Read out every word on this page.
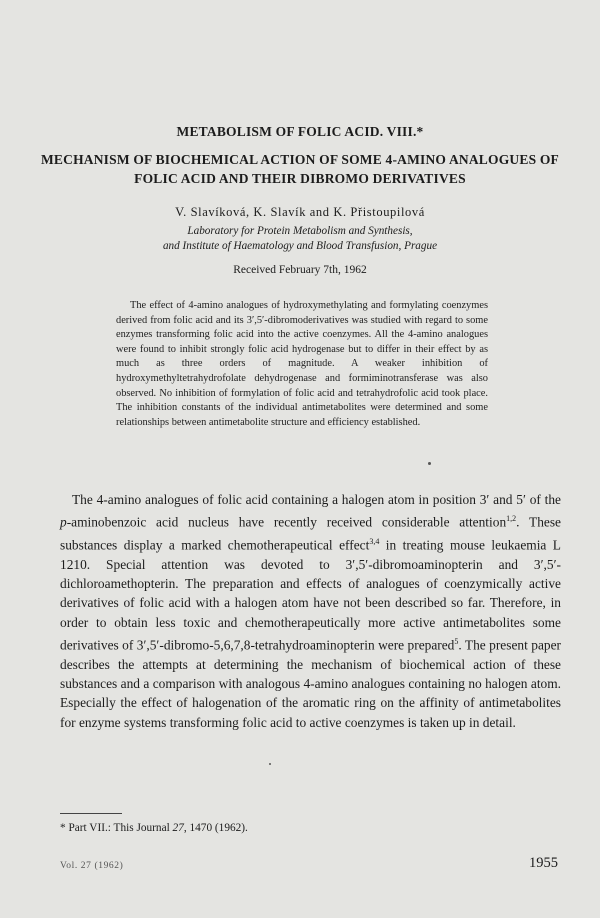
METABOLISM OF FOLIC ACID. VIII.*
MECHANISM OF BIOCHEMICAL ACTION OF SOME 4-AMINO ANALOGUES OF FOLIC ACID AND THEIR DIBROMO DERIVATIVES
V. Slavíková, K. Slavík and K. Přistoupilová
Laboratory for Protein Metabolism and Synthesis,
and Institute of Haematology and Blood Transfusion, Prague
Received February 7th, 1962
The effect of 4-amino analogues of hydroxymethylating and formylating coenzymes derived from folic acid and its 3′,5′-dibromoderivatives was studied with regard to some enzymes transforming folic acid into the active coenzymes. All the 4-amino analogues were found to inhibit strongly folic acid hydrogenase but to differ in their effect by as much as three orders of magnitude. A weaker inhibition of hydroxymethyltetrahydrofolate dehydrogenase and formiminotransferase was also observed. No inhibition of formylation of folic acid and tetrahydrofolic acid took place. The inhibition constants of the individual antimetabolites were determined and some relationships between antimetabolite structure and efficiency established.
The 4-amino analogues of folic acid containing a halogen atom in position 3′ and 5′ of the p-aminobenzoic acid nucleus have recently received considerable attention$^{1,2}$. These substances display a marked chemotherapeutical effect$^{3,4}$ in treating mouse leukaemia L 1210. Special attention was devoted to 3′,5′-dibromoaminopterin and 3′,5′-dichloroamethopterin. The preparation and effects of analogues of coenzymically active derivatives of folic acid with a halogen atom have not been described so far. Therefore, in order to obtain less toxic and chemotherapeutically more active antimetabolites some derivatives of 3′,5′-dibromo-5,6,7,8-tetrahydroaminopterin were prepared$^5$. The present paper describes the attempts at determining the mechanism of biochemical action of these substances and a comparison with analogous 4-amino analogues containing no halogen atom. Especially the effect of halogenation of the aromatic ring on the affinity of antimetabolites for enzyme systems transforming folic acid to active coenzymes is taken up in detail.
* Part VII.: This Journal 27, 1470 (1962).
Vol. 27 (1962)	1955
